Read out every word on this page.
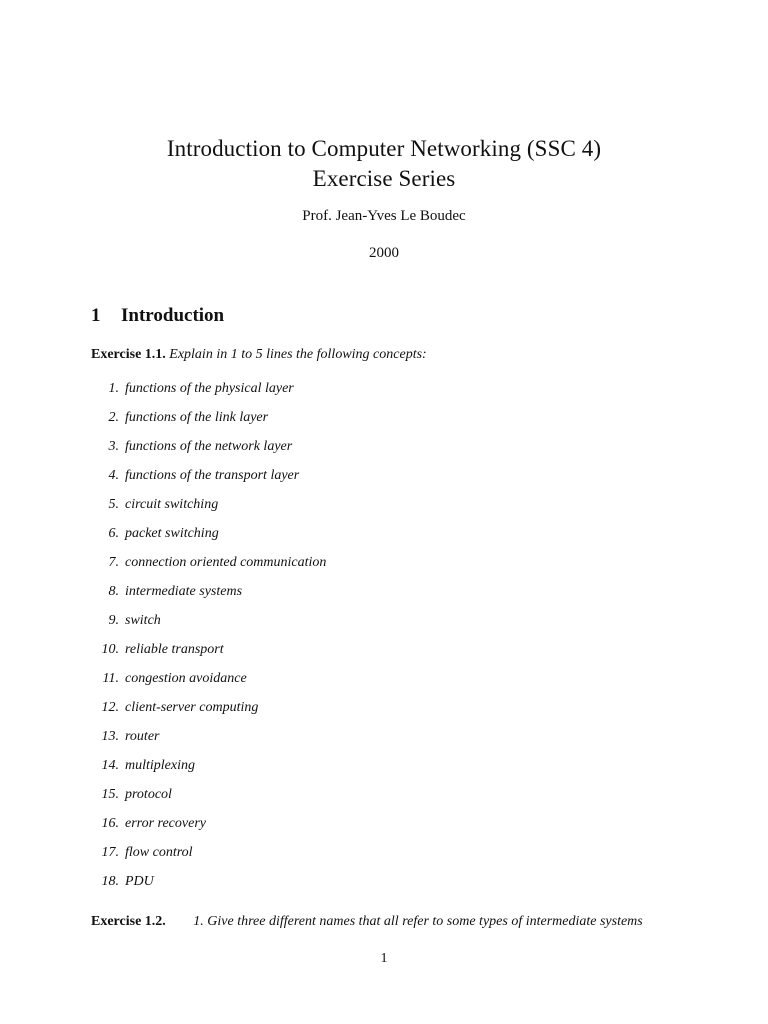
Introduction to Computer Networking (SSC 4)
Exercise Series
Prof. Jean-Yves Le Boudec
2000
1 Introduction
Exercise 1.1. Explain in 1 to 5 lines the following concepts:
1. functions of the physical layer
2. functions of the link layer
3. functions of the network layer
4. functions of the transport layer
5. circuit switching
6. packet switching
7. connection oriented communication
8. intermediate systems
9. switch
10. reliable transport
11. congestion avoidance
12. client-server computing
13. router
14. multiplexing
15. protocol
16. error recovery
17. flow control
18. PDU
Exercise 1.2. 1. Give three different names that all refer to some types of intermediate systems
1
